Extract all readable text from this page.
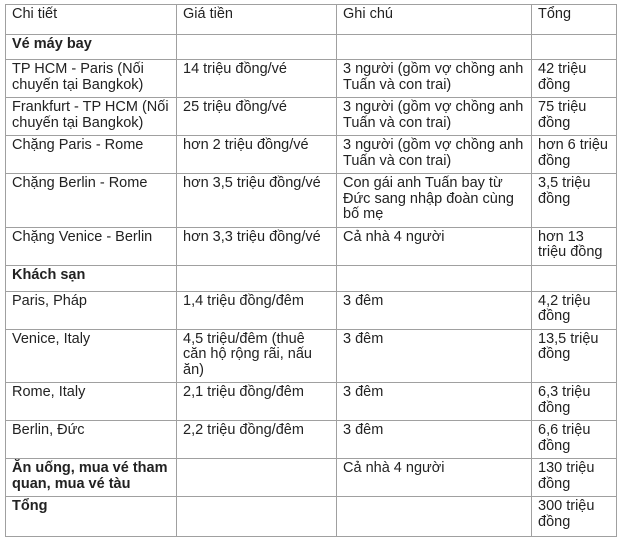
Chi tiết	Giá tiền	Ghi chú	Tổng
Vé máy bay			
TP HCM - Paris (Nối chuyến tại Bangkok)	14 triệu đồng/vé	3 người (gồm vợ chồng anh Tuấn và con trai)	42 triệu đồng
Frankfurt - TP HCM (Nối chuyến tại Bangkok)	25 triệu đồng/vé	3 người (gồm vợ chồng anh Tuấn và con trai)	75 triệu đồng
Chặng Paris - Rome	hơn 2 triệu đồng/vé	3 người (gồm vợ chồng anh Tuấn và con trai)	hơn 6 triệu đồng
Chặng Berlin - Rome	hơn 3,5 triệu đồng/vé	Con gái anh Tuấn bay từ Đức sang nhập đoàn cùng bố mẹ	3,5 triệu đồng
Chặng Venice - Berlin	hơn 3,3 triệu đồng/vé	Cả nhà 4 người	hơn 13 triệu đồng
Khách sạn			
Paris, Pháp	1,4 triệu đồng/đêm	3 đêm	4,2 triệu đồng
Venice, Italy	4,5 triệu/đêm (thuê căn hộ rộng rãi, nấu ăn)	3 đêm	13,5 triệu đồng
Rome, Italy	2,1 triệu đồng/đêm	3 đêm	6,3 triệu đồng
Berlin, Đức	2,2 triệu đồng/đêm	3 đêm	6,6 triệu đồng
Ăn uống, mua vé tham quan, mua vé tàu		Cả nhà 4 người	130 triệu đồng
Tổng			300 triệu đồng
